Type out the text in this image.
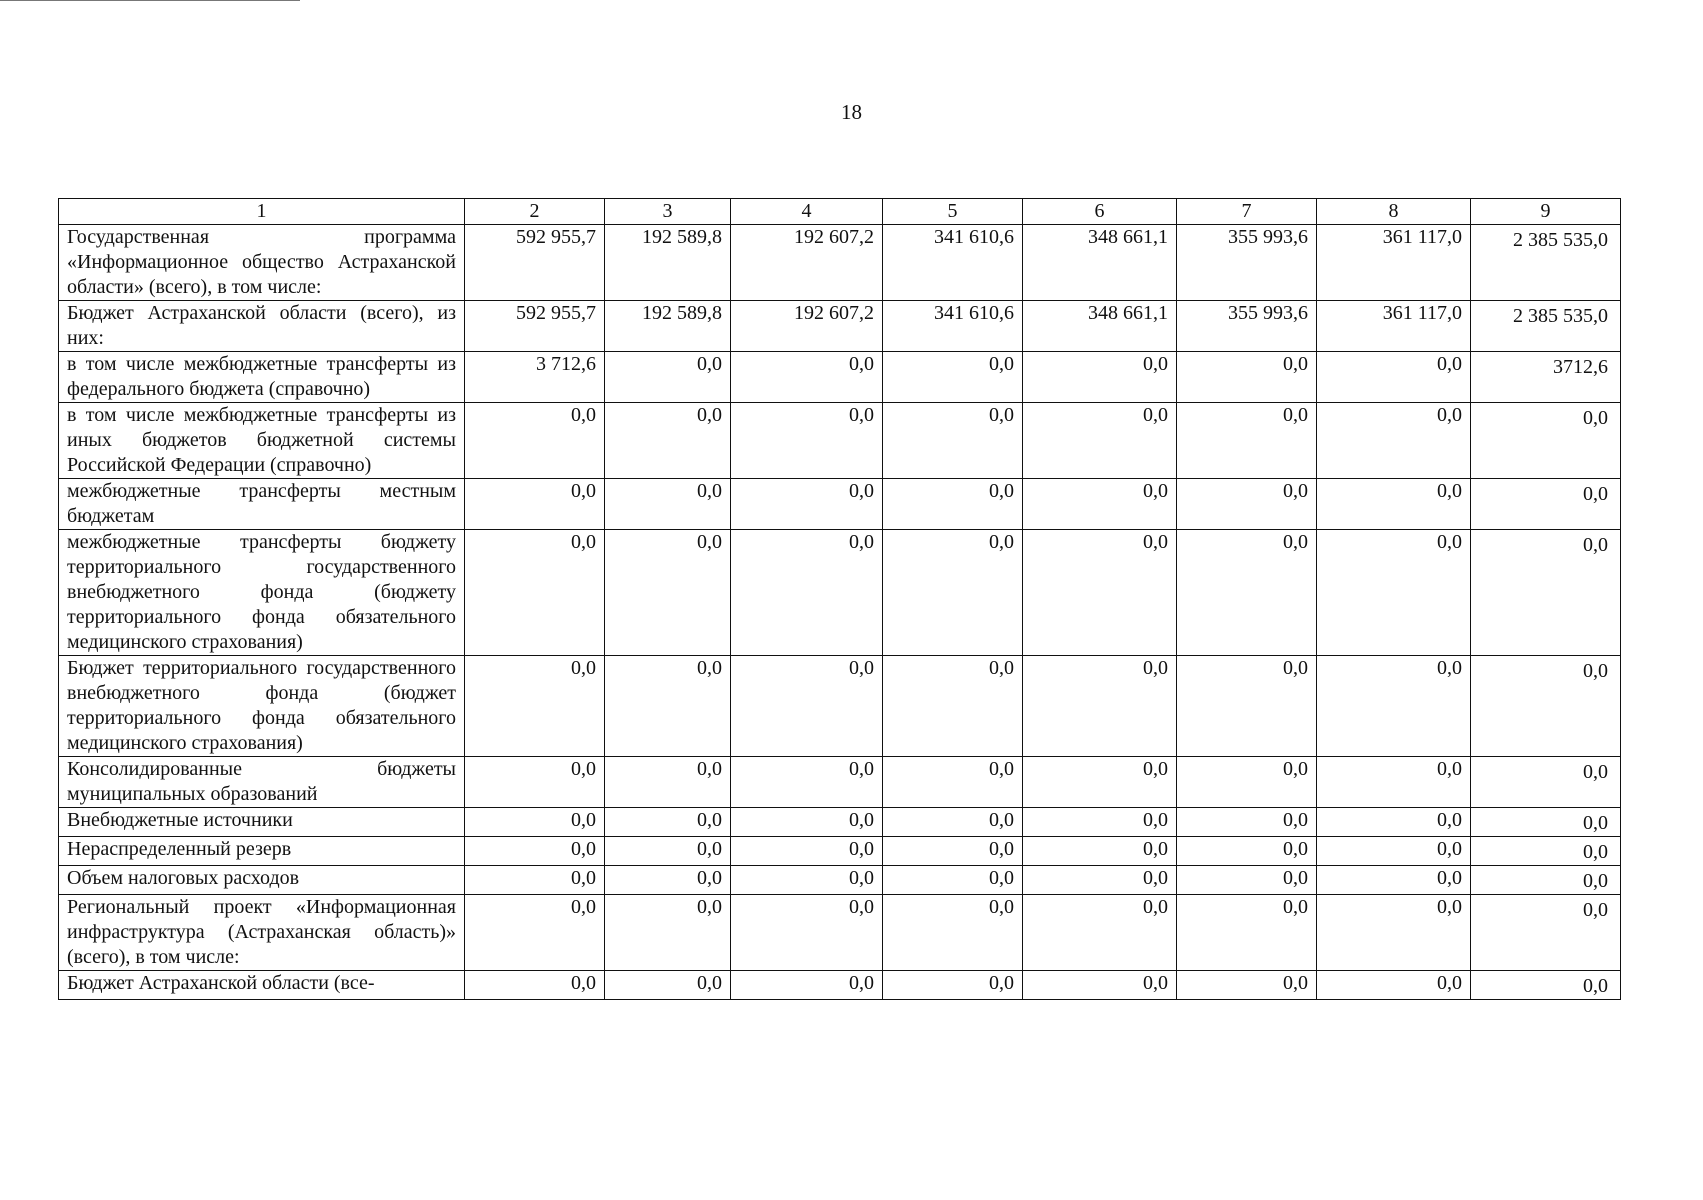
18
1	2	3	4	5	6	7	8	9
Государственная программа «Информационное общество Астраханской области» (всего), в том числе:	592 955,7	192 589,8	192 607,2	341 610,6	348 661,1	355 993,6	361 117,0	2 385 535,0
Бюджет Астраханской области (всего), из них:	592 955,7	192 589,8	192 607,2	341 610,6	348 661,1	355 993,6	361 117,0	2 385 535,0
в том числе межбюджетные трансферты из федерального бюджета (справочно)	3 712,6	0,0	0,0	0,0	0,0	0,0	0,0	3712,6
в том числе межбюджетные трансферты из иных бюджетов бюджетной системы Российской Федерации (справочно)	0,0	0,0	0,0	0,0	0,0	0,0	0,0	0,0
межбюджетные трансферты местным бюджетам	0,0	0,0	0,0	0,0	0,0	0,0	0,0	0,0
межбюджетные трансферты бюджету территориального государственного внебюджетного фонда (бюджету территориального фонда обязательного медицинского страхования)	0,0	0,0	0,0	0,0	0,0	0,0	0,0	0,0
Бюджет территориального государственного внебюджетного фонда (бюджет территориального фонда обязательного медицинского страхования)	0,0	0,0	0,0	0,0	0,0	0,0	0,0	0,0
Консолидированные бюджеты муниципальных образований	0,0	0,0	0,0	0,0	0,0	0,0	0,0	0,0
Внебюджетные источники	0,0	0,0	0,0	0,0	0,0	0,0	0,0	0,0
Нераспределенный резерв	0,0	0,0	0,0	0,0	0,0	0,0	0,0	0,0
Объем налоговых расходов	0,0	0,0	0,0	0,0	0,0	0,0	0,0	0,0
Региональный проект «Информационная инфраструктура (Астраханская область)» (всего), в том числе:	0,0	0,0	0,0	0,0	0,0	0,0	0,0	0,0
Бюджет Астраханской области (все-	0,0	0,0	0,0	0,0	0,0	0,0	0,0	0,0
